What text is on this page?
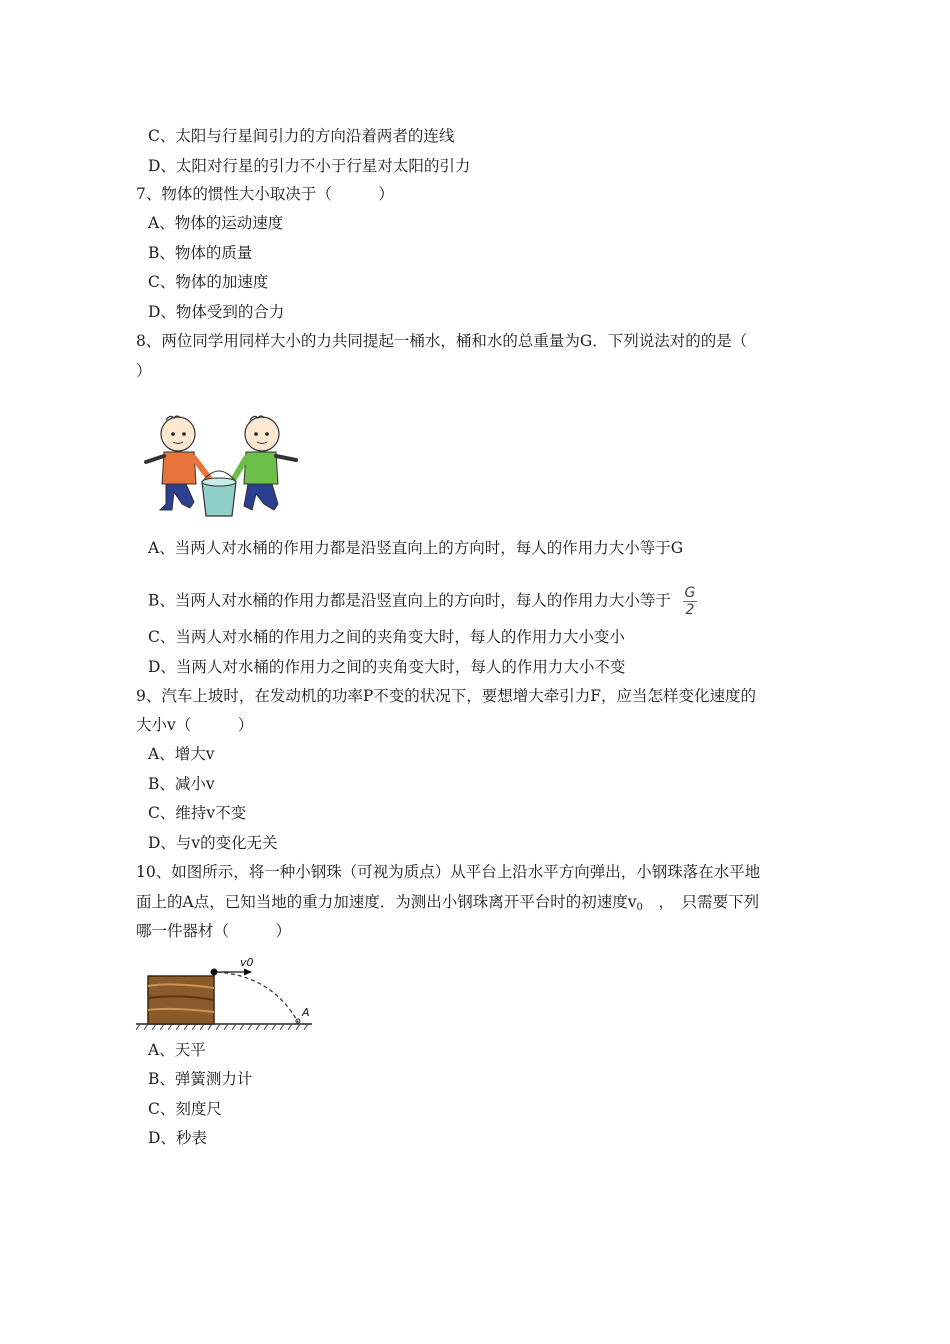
C、太阳与行星间引力的方向沿着两者的连线
D、太阳对行星的引力不小于行星对太阳的引力
7、物体的惯性大小取决于（　　　）
A、物体的运动速度
B、物体的质量
C、物体的加速度
D、物体受到的合力
8、两位同学用同样大小的力共同提起一桶水，桶和水的总重量为G．下列说法对的的是（
）
A、当两人对水桶的作用力都是沿竖直向上的方向时，每人的作用力大小等于G
B、当两人对水桶的作用力都是沿竖直向上的方向时，每人的作用力大小等于 $\frac{G}{2}$
C、当两人对水桶的作用力之间的夹角变大时，每人的作用力大小变小
D、当两人对水桶的作用力之间的夹角变大时，每人的作用力大小不变
9、汽车上坡时，在发动机的功率P不变的状况下，要想增大牵引力F，应当怎样变化速度的
大小v（　　　）
A、增大v
B、减小v
C、维持v不变
D、与v的变化无关
10、如图所示，将一种小钢珠（可视为质点）从平台上沿水平方向弹出，小钢珠落在水平地
面上的A点，已知当地的重力加速度．为测出小钢珠离开平台时的初速度$v_0$　，　只需要下列
哪一件器材（　　　）
v0
A
A、天平
B、弹簧测力计
C、刻度尺
D、秒表
